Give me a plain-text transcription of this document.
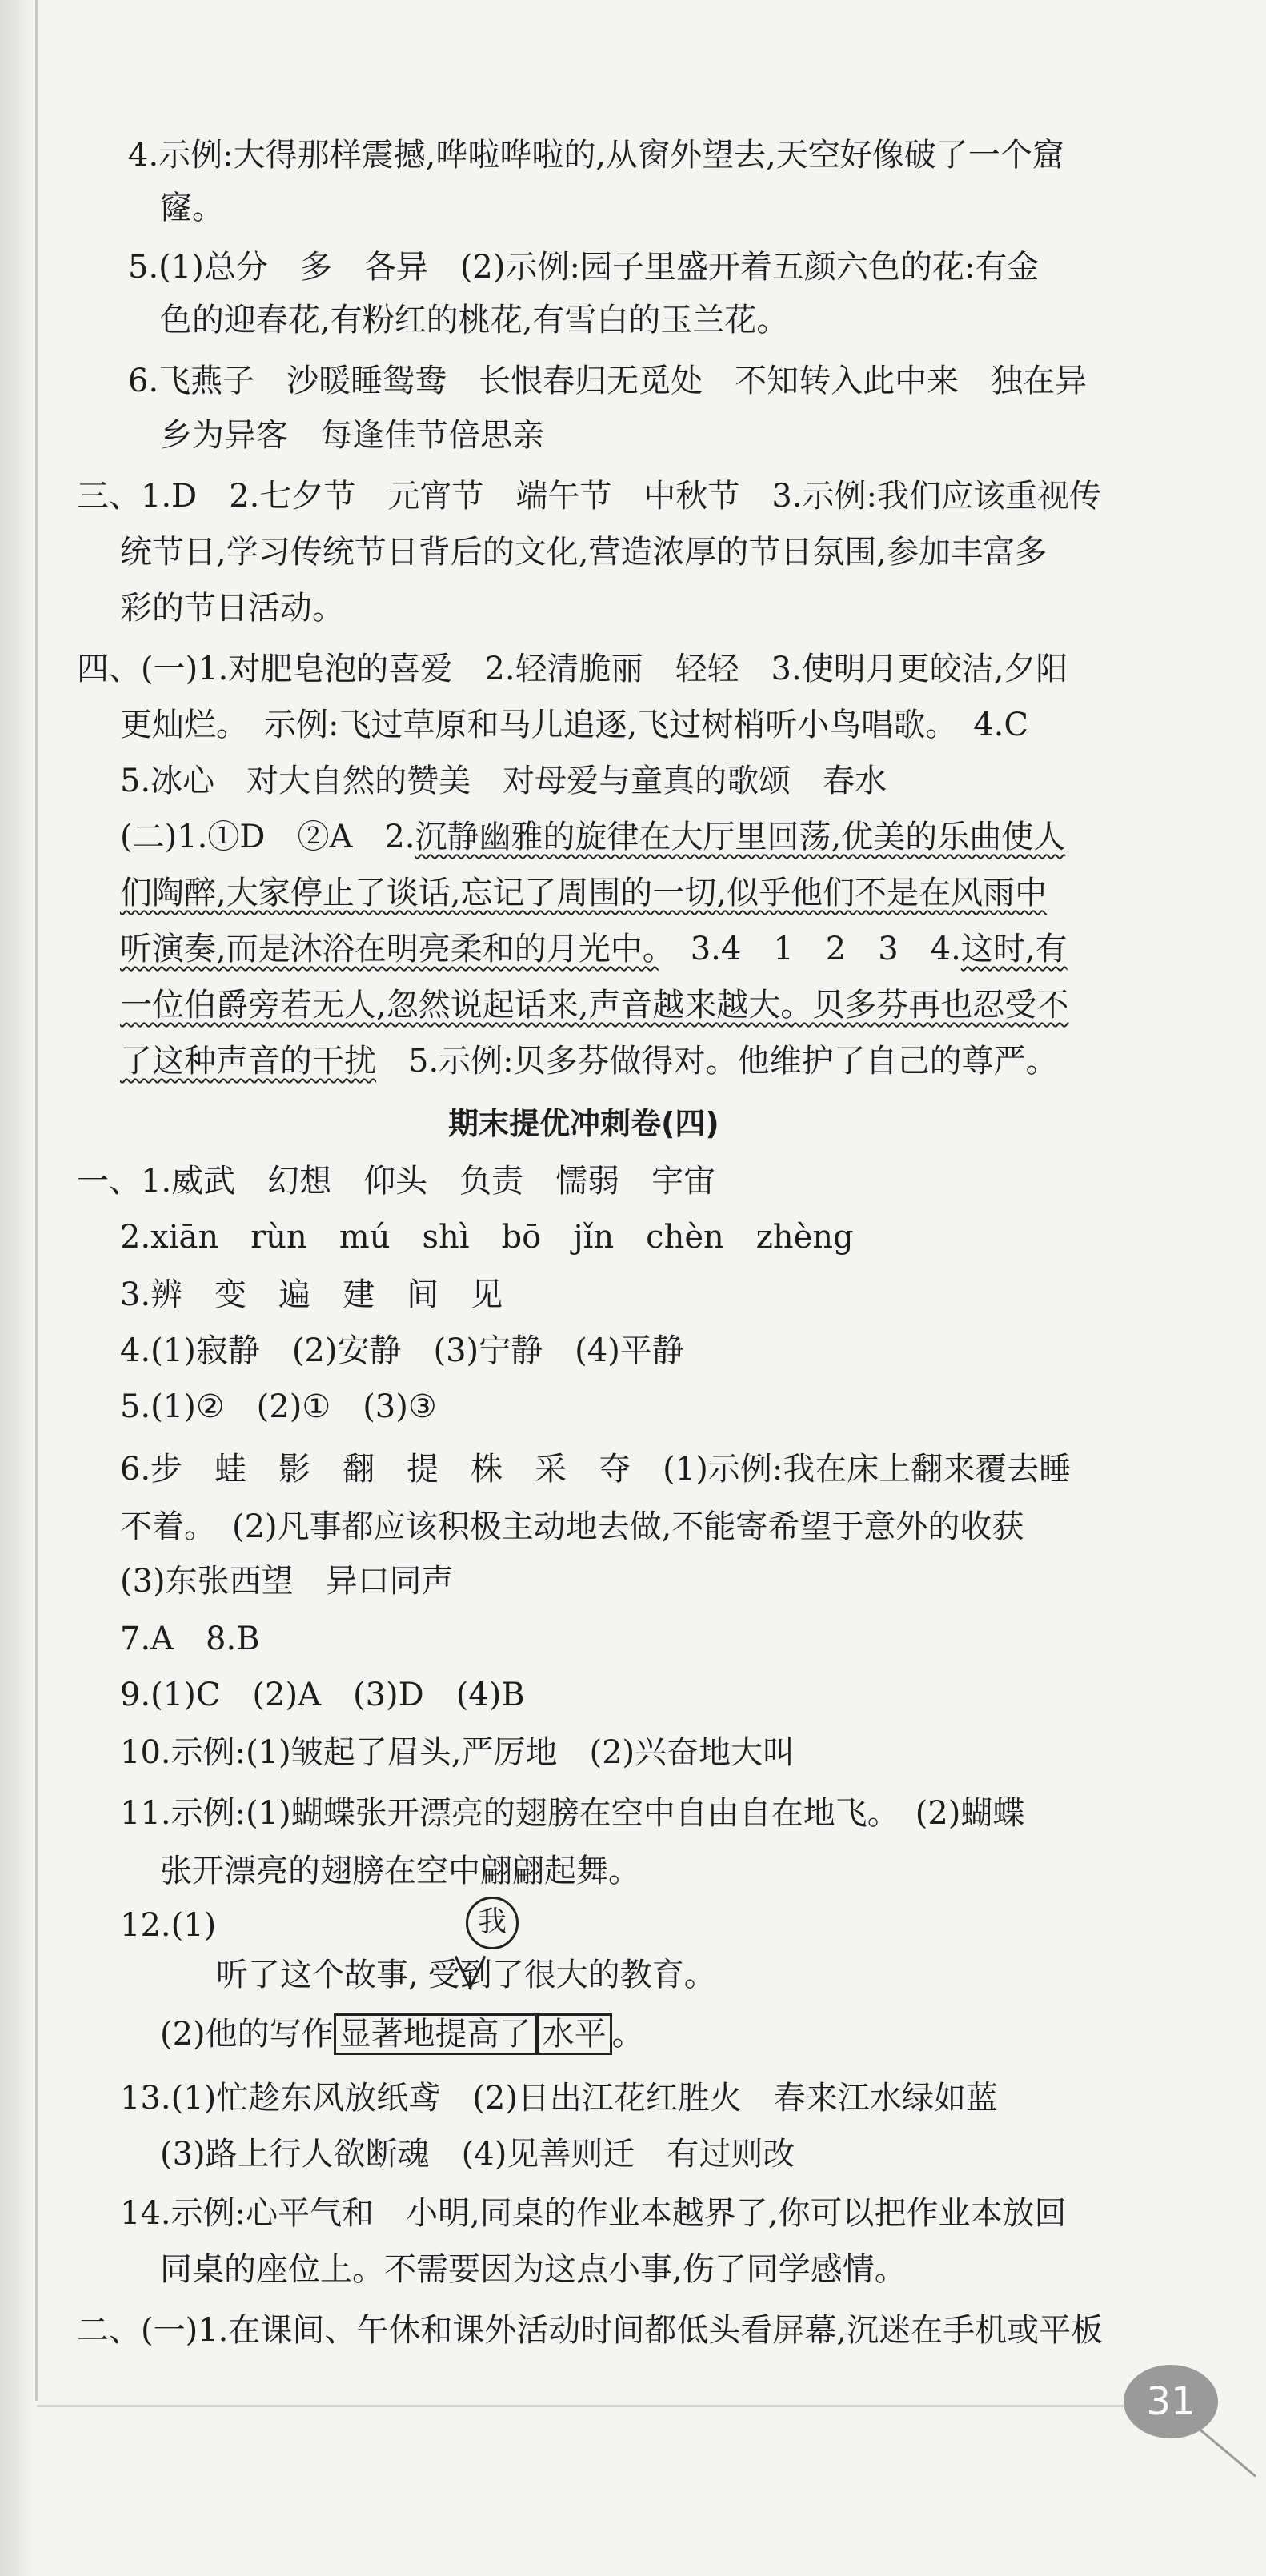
4.示例:大得那样震撼,哗啦哗啦的,从窗外望去,天空好像破了一个窟
窿。
5.(1)总分　多　各异　(2)示例:园子里盛开着五颜六色的花:有金
色的迎春花,有粉红的桃花,有雪白的玉兰花。
6.飞燕子　沙暖睡鸳鸯　长恨春归无觅处　不知转入此中来　独在异
乡为异客　每逢佳节倍思亲
三、1.D　2.七夕节　元宵节　端午节　中秋节　3.示例:我们应该重视传
统节日,学习传统节日背后的文化,营造浓厚的节日氛围,参加丰富多
彩的节日活动。
四、(一)1.对肥皂泡的喜爱　2.轻清脆丽　轻轻　3.使明月更皎洁,夕阳
更灿烂。　示例:飞过草原和马儿追逐,飞过树梢听小鸟唱歌。　4.C
5.冰心　对大自然的赞美　对母爱与童真的歌颂　春水
(二)1.①D　②A　2.沉静幽雅的旋律在大厅里回荡,优美的乐曲使人
们陶醉,大家停止了谈话,忘记了周围的一切,似乎他们不是在风雨中
听演奏,而是沐浴在明亮柔和的月光中。　3.4　1　2　3　4.这时,有
一位伯爵旁若无人,忽然说起话来,声音越来越大。贝多芬再也忍受不
了这种声音的干扰　5.示例:贝多芬做得对。他维护了自己的尊严。
期末提优冲刺卷(四)
一、1.威武　幻想　仰头　负责　懦弱　宇宙
2.xiān　rùn　mú　shì　bō　jǐn　chèn　zhèng
3.辨　变　遍　建　间　见
4.(1)寂静　(2)安静　(3)宁静　(4)平静
5.(1)②　(2)①　(3)③
6.步　蛙　影　翻　提　株　采　夺　(1)示例:我在床上翻来覆去睡
不着。　(2)凡事都应该积极主动地去做,不能寄希望于意外的收获
(3)东张西望　异口同声
7.A　8.B
9.(1)C　(2)A　(3)D　(4)B
10.示例:(1)皱起了眉头,严厉地　(2)兴奋地大叫
11.示例:(1)蝴蝶张开漂亮的翅膀在空中自由自在地飞。　(2)蝴蝶
张开漂亮的翅膀在空中翩翩起舞。
12.(1)	我
听了这个故事, 受到了很大的教育。
(2)他的写作 显著地提高了 水平 。
13.(1)忙趁东风放纸鸢　(2)日出江花红胜火　春来江水绿如蓝
(3)路上行人欲断魂　(4)见善则迁　有过则改
14.示例:心平气和　小明,同桌的作业本越界了,你可以把作业本放回
同桌的座位上。不需要因为这点小事,伤了同学感情。
二、(一)1.在课间、午休和课外活动时间都低头看屏幕,沉迷在手机或平板
31
